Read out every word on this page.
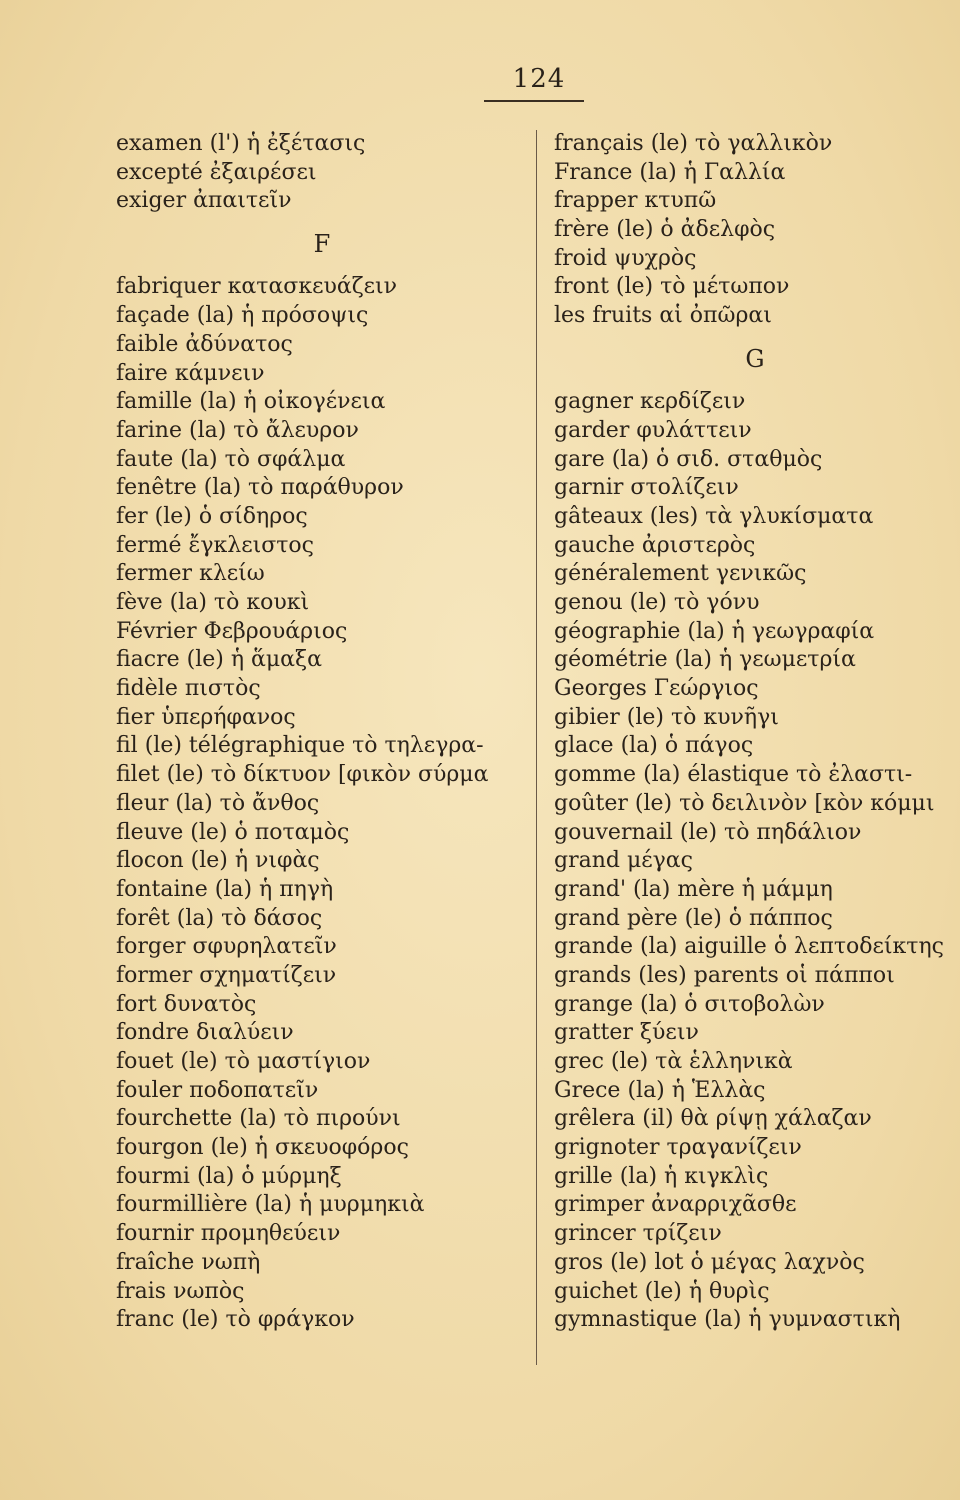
124
examen (l') ἡ ἐξέτασις
excepté ἐξαιρέσει
exiger ἀπαιτεῖν
F
fabriquer κατασκευάζειν
façade (la) ἡ πρόσοψις
faible ἀδύνατος
faire κάμνειν
famille (la) ἡ οἰκογένεια
farine (la) τὸ ἄλευρον
faute (la) τὸ σφάλμα
fenêtre (la) τὸ παράθυρον
fer (le) ὁ σίδηρος
fermé ἔγκλειστος
fermer κλείω
fève (la) τὸ κουκὶ
Février Φεβρουάριος
fiacre (le) ἡ ἅμαξα
fidèle πιστὸς
fier ὑπερήφανος
fil (le) télégraphique τὸ τηλεγρα-
filet (le) τὸ δίκτυον [φικὸν σύρμα
fleur (la) τὸ ἄνθος
fleuve (le) ὁ ποταμὸς
flocon (le) ἡ νιφὰς
fontaine (la) ἡ πηγὴ
forêt (la) τὸ δάσος
forger σφυρηλατεῖν
former σχηματίζειν
fort δυνατὸς
fondre διαλύειν
fouet (le) τὸ μαστίγιον
fouler ποδοπατεῖν
fourchette (la) τὸ πιρούνι
fourgon (le) ἡ σκευοφόρος
fourmi (la) ὁ μύρμηξ
fourmillière (la) ἡ μυρμηκιὰ
fournir προμηθεύειν
fraîche νωπὴ
frais νωπὸς
franc (le) τὸ φράγκον
français (le) τὸ γαλλικὸν
France (la) ἡ Γαλλία
frapper κτυπῶ
frère (le) ὁ ἀδελφὸς
froid ψυχρὸς
front (le) τὸ μέτωπον
les fruits αἱ ὀπῶραι
G
gagner κερδίζειν
garder φυλάττειν
gare (la) ὁ σιδ. σταθμὸς
garnir στολίζειν
gâteaux (les) τὰ γλυκίσματα
gauche ἀριστερὸς
généralement γενικῶς
genou (le) τὸ γόνυ
géographie (la) ἡ γεωγραφία
géométrie (la) ἡ γεωμετρία
Georges Γεώργιος
gibier (le) τὸ κυνῆγι
glace (la) ὁ πάγος
gomme (la) élastique τὸ ἐλαστι-
goûter (le) τὸ δειλινὸν [κὸν κόμμι
gouvernail (le) τὸ πηδάλιον
grand μέγας
grand' (la) mère ἡ μάμμη
grand père (le) ὁ πάππος
grande (la) aiguille ὁ λεπτοδείκτης
grands (les) parents οἱ πάπποι
grange (la) ὁ σιτοβολὼν
gratter ξύειν
grec (le) τὰ ἑλληνικὰ
Grece (la) ἡ Ἑλλὰς
grêlera (il) θὰ ρίψῃ χάλαζαν
grignoter τραγανίζειν
grille (la) ἡ κιγκλὶς
grimper ἀναρριχᾶσθε
grincer τρίζειν
gros (le) lot ὁ μέγας λαχνὸς
guichet (le) ἡ θυρὶς
gymnastique (la) ἡ γυμναστικὴ
